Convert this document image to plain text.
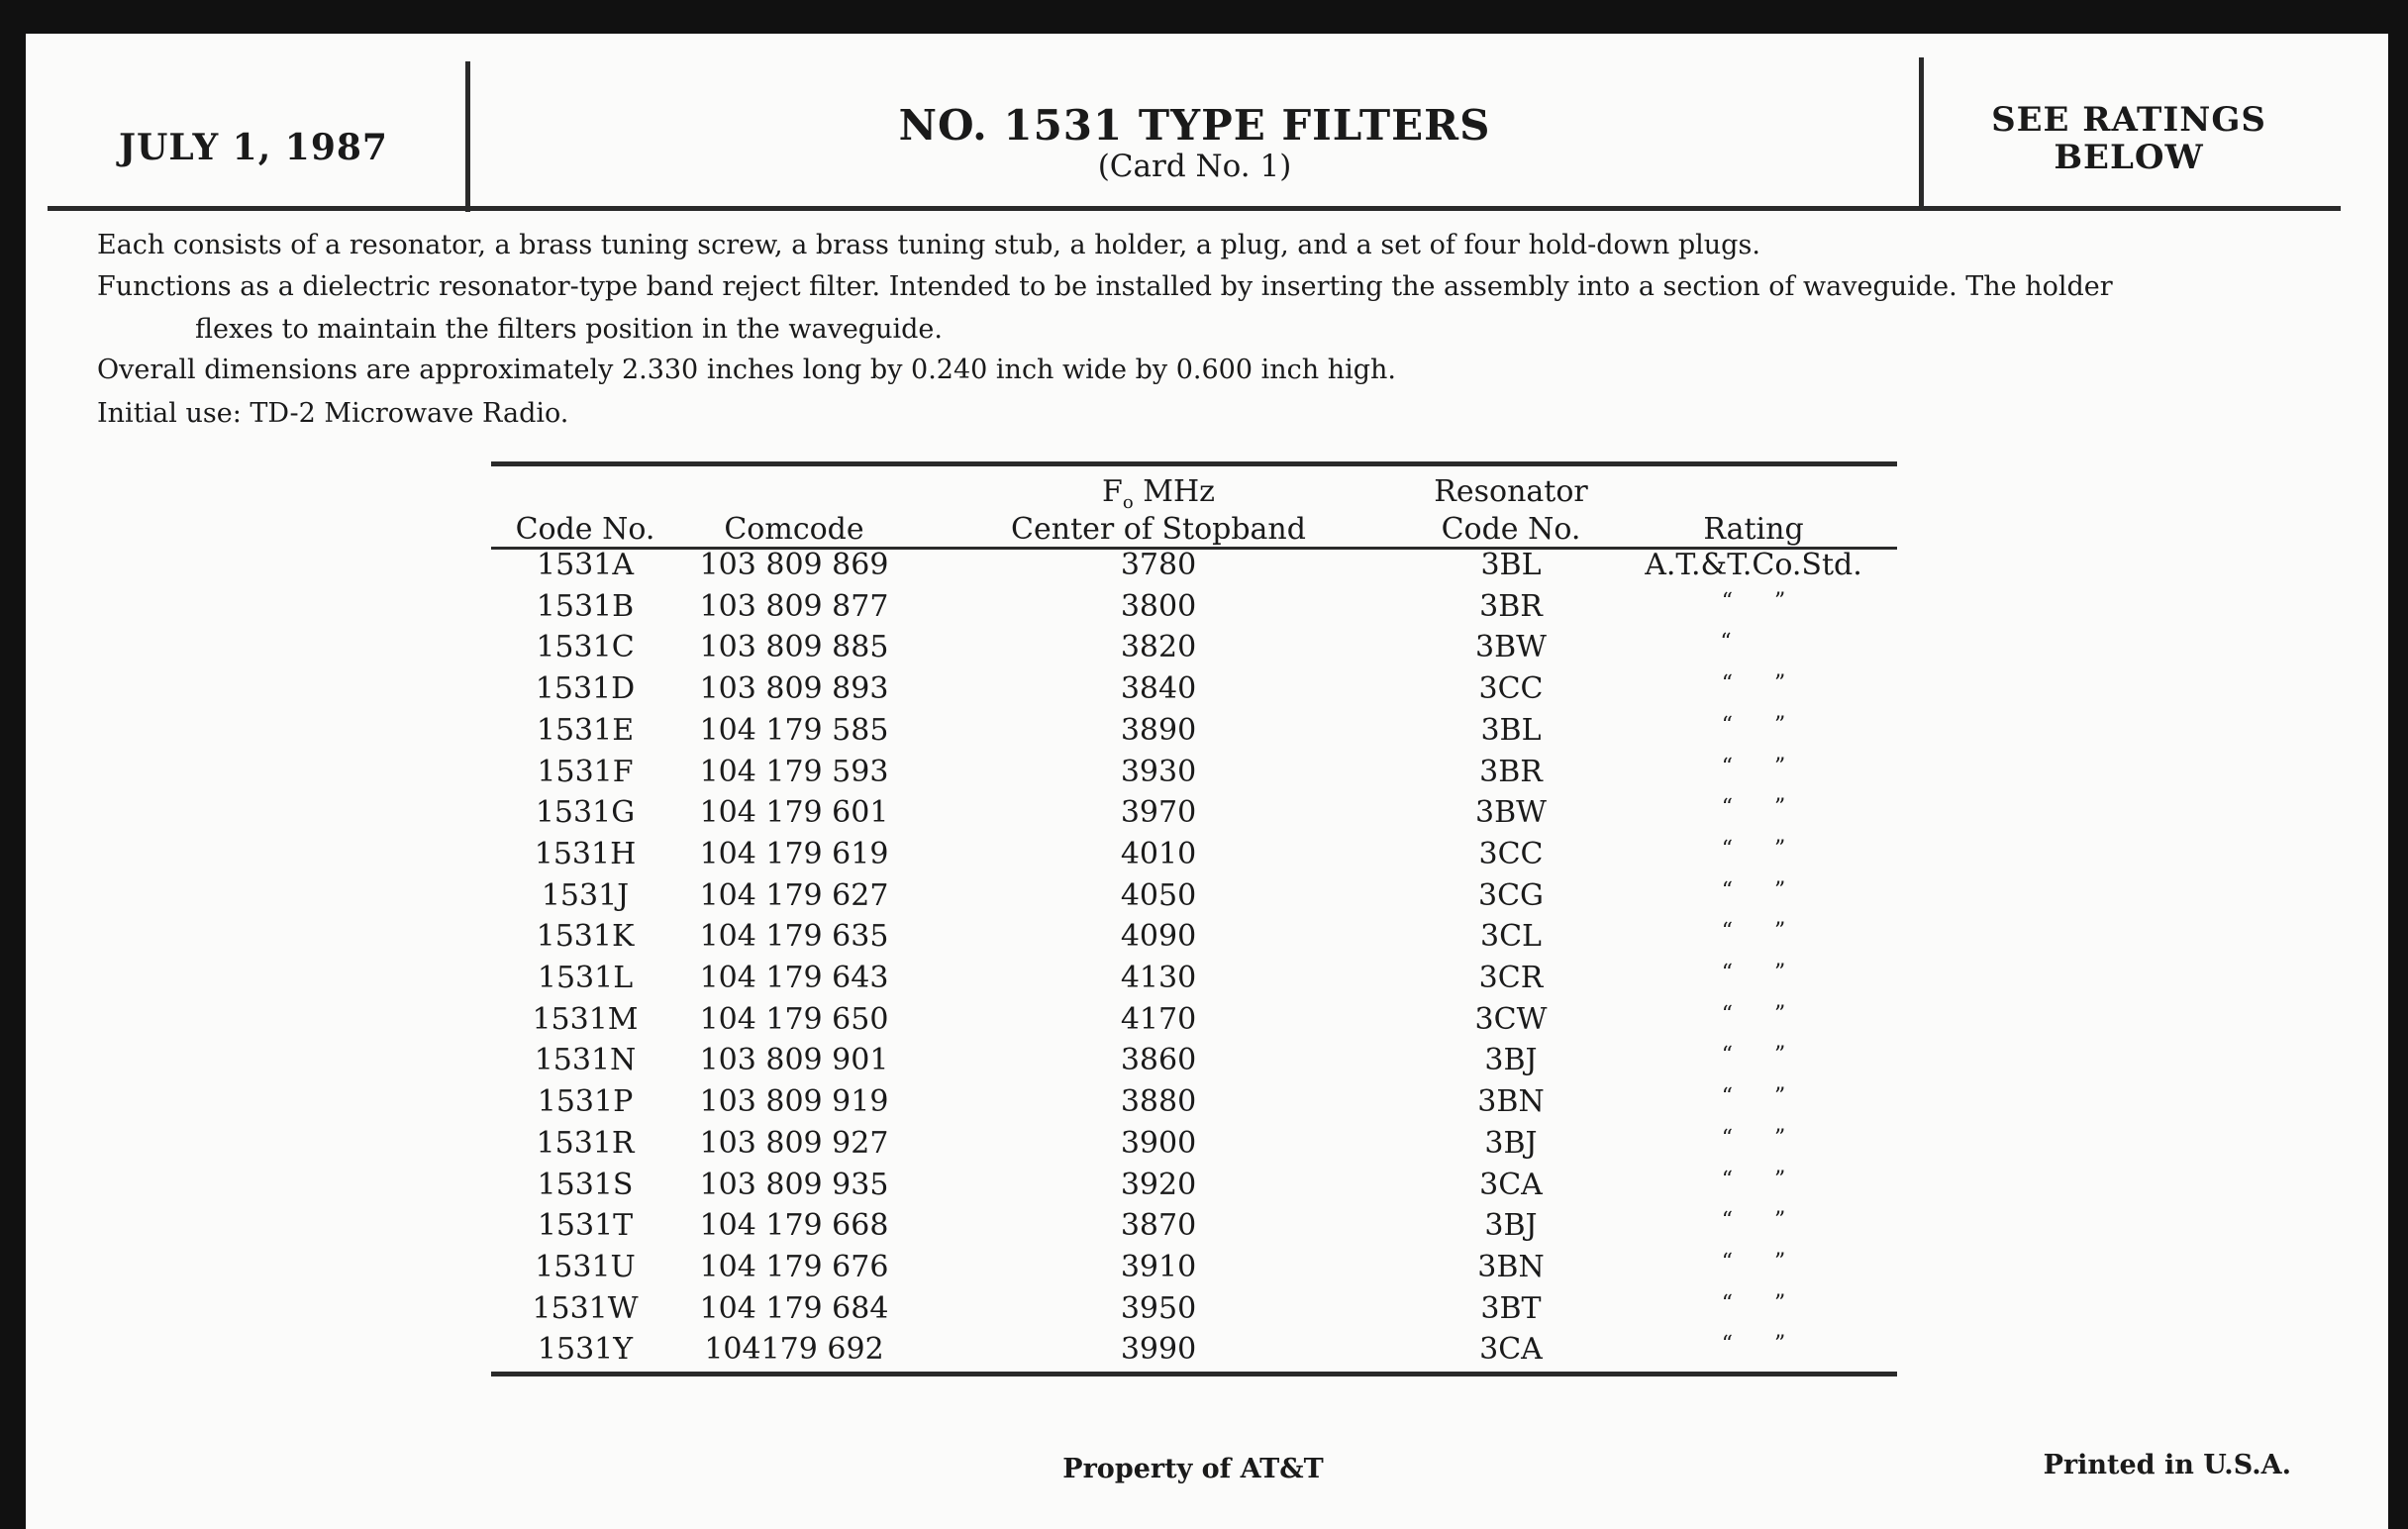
JULY 1, 1987	NO. 1531 TYPE FILTERS
(Card No. 1)
SEE RATINGS
BELOW
Each consists of a resonator, a brass tuning screw, a brass tuning stub, a holder, a plug, and a set of four hold-down plugs.
Functions as a dielectric resonator-type band reject filter. Intended to be installed by inserting the assembly into a section of waveguide. The holder
flexes to maintain the filters position in the waveguide.
Overall dimensions are approximately 2.330 inches long by 0.240 inch wide by 0.600 inch high.
Initial use: TD-2 Microwave Radio.
Code No. Comcode
$F_o$ MHz
Center of Stopband
Resonator
Code No.	Rating
1531A 103 809 869	3780	3BL	A.T.&T.Co.Std.
1531B 103 809 877	3800	3BR	“      ”
1531C 103 809 885	3820	3BW	“
1531D 103 809 893	3840	3CC	“      ”
1531E 104 179 585	3890	3BL	“      ”
1531F 104 179 593	3930	3BR	“      ”
1531G 104 179 601	3970	3BW	“      ”
1531H 104 179 619	4010	3CC	“      ”
1531J 104 179 627	4050	3CG	“      ”
1531K 104 179 635	4090	3CL	“      ”
1531L 104 179 643	4130	3CR	“      ”
1531M 104 179 650	4170	3CW	“      ”
1531N 103 809 901	3860	3BJ	“      ”
1531P 103 809 919	3880	3BN	“      ”
1531R 103 809 927	3900	3BJ	“      ”
1531S 103 809 935	3920	3CA	“      ”
1531T 104 179 668	3870	3BJ	“      ”
1531U 104 179 676	3910	3BN	“      ”
1531W 104 179 684	3950	3BT	“      ”
1531Y 104179 692	3990	3CA	“      ”
Property of AT&T	Printed in U.S.A.
